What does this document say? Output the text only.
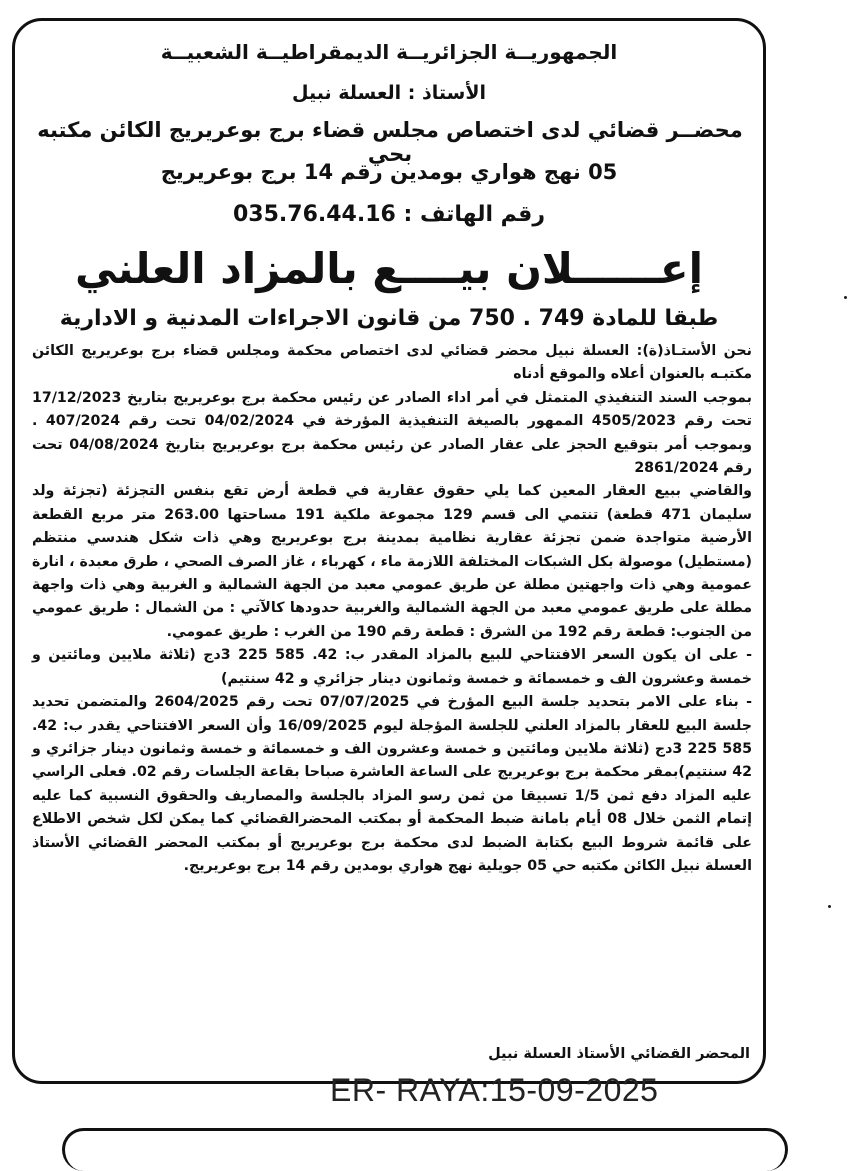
الجمهوريــة الجزائريــة الديمقراطيــة الشعبيــة
الأستاذ : العسلة نبيل
محضــر قضائي لدى اختصاص مجلس قضاء برج بوعريريج الكائن مكتبه بحي
05 نهج هواري بومدين رقم 14 برج بوعريريج
رقم الهاتف : 035.76.44.16
إعــــــلان بيــــع بالمزاد العلني
طبقا للمادة 749 . 750 من قانون الاجراءات المدنية و الادارية

نحن الأستـاذ(ة): العسلة نبيل محضر قضائي لدى اختصاص محكمة ومجلس قضاء برج بوعريريج الكائن مكتبـه بالعنوان أعلاه والموقع أدناه

بموجب السند التنفيذي المتمثل في أمر اداء الصادر عن رئيس محكمة برج بوعريريج بتاريخ 17/12/2023 تحت رقم 4505/2023 الممهور بالصيغة التنفيذية المؤرخة في 04/02/2024 تحت رقم 407/2024 . وبموجب أمر بتوقيع الحجز على عقار الصادر عن رئيس محكمة برج بوعريريج بتاريخ 04/08/2024 تحت رقم 2861/2024

والقاضي ببيع العقار المعين كما يلي حقوق عقارية في قطعة أرض تقع بنفس التجزئة (تجزئة ولد سليمان 471 قطعة) تنتمي الى قسم 129 مجموعة ملكية 191 مساحتها 263.00 متر مربع القطعة الأرضية متواجدة ضمن تجزئة عقارية نظامية بمدينة برج بوعريريج وهي ذات شكل هندسي منتظم (مستطيل) موصولة بكل الشبكات المختلفة اللازمة ماء ، كهرباء ، غاز الصرف الصحي ، طرق معبدة ، انارة عمومية وهي ذات واجهتين مطلة عن طريق عمومي معبد من الجهة الشمالية و الغربية وهي ذات واجهة مطلة على طريق عمومي معبد من الجهة الشمالية والغربية حدودها كالآتي : من الشمال : طريق عمومي من الجنوب: قطعة رقم 192 من الشرق : قطعة رقم 190 من الغرب : طريق عمومي.

- على ان يكون السعر الافتتاحي للبيع بالمزاد المقدر ب: 42. 585 225 3دج (ثلاثة ملايين ومائتين و خمسة وعشرون الف و خمسمائة و خمسة وثمانون دينار جزائري و 42 سنتيم)

- بناء على الامر بتحديد جلسة البيع المؤرخ في 07/07/2025 تحت رقم 2604/2025 والمتضمن تحديد جلسة البيع للعقار بالمزاد العلني للجلسة المؤجلة ليوم 16/09/2025 وأن السعر الافتتاحي يقدر ب: 42. 585 225 3دج (ثلاثة ملايين ومائتين و خمسة وعشرون الف و خمسمائة و خمسة وثمانون دينار جزائري و 42 سنتيم)بمقر محكمة برج بوعريريج على الساعة العاشرة صباحا بقاعة الجلسات رقم 02. فعلى الراسي عليه المزاد دفع ثمن 1/5 تسبيقا من ثمن رسو المزاد بالجلسة والمصاريف والحقوق النسبية كما عليه إتمام الثمن خلال 08 أيام بامانة ضبط المحكمة أو بمكتب المحضرالقضائي كما يمكن لكل شخص الاطلاع على قائمة شروط البيع بكتابة الضبط لدى محكمة برج بوعريريج أو بمكتب المحضر القضائي الأستاذ العسلة نبيل الكائن مكتبه حي 05 جويلية نهج هواري بومدين رقم 14 برج بوعريريج.

المحضر القضائي الأستاذ العسلة نبيل
ER- RAYA:15-09-2025
